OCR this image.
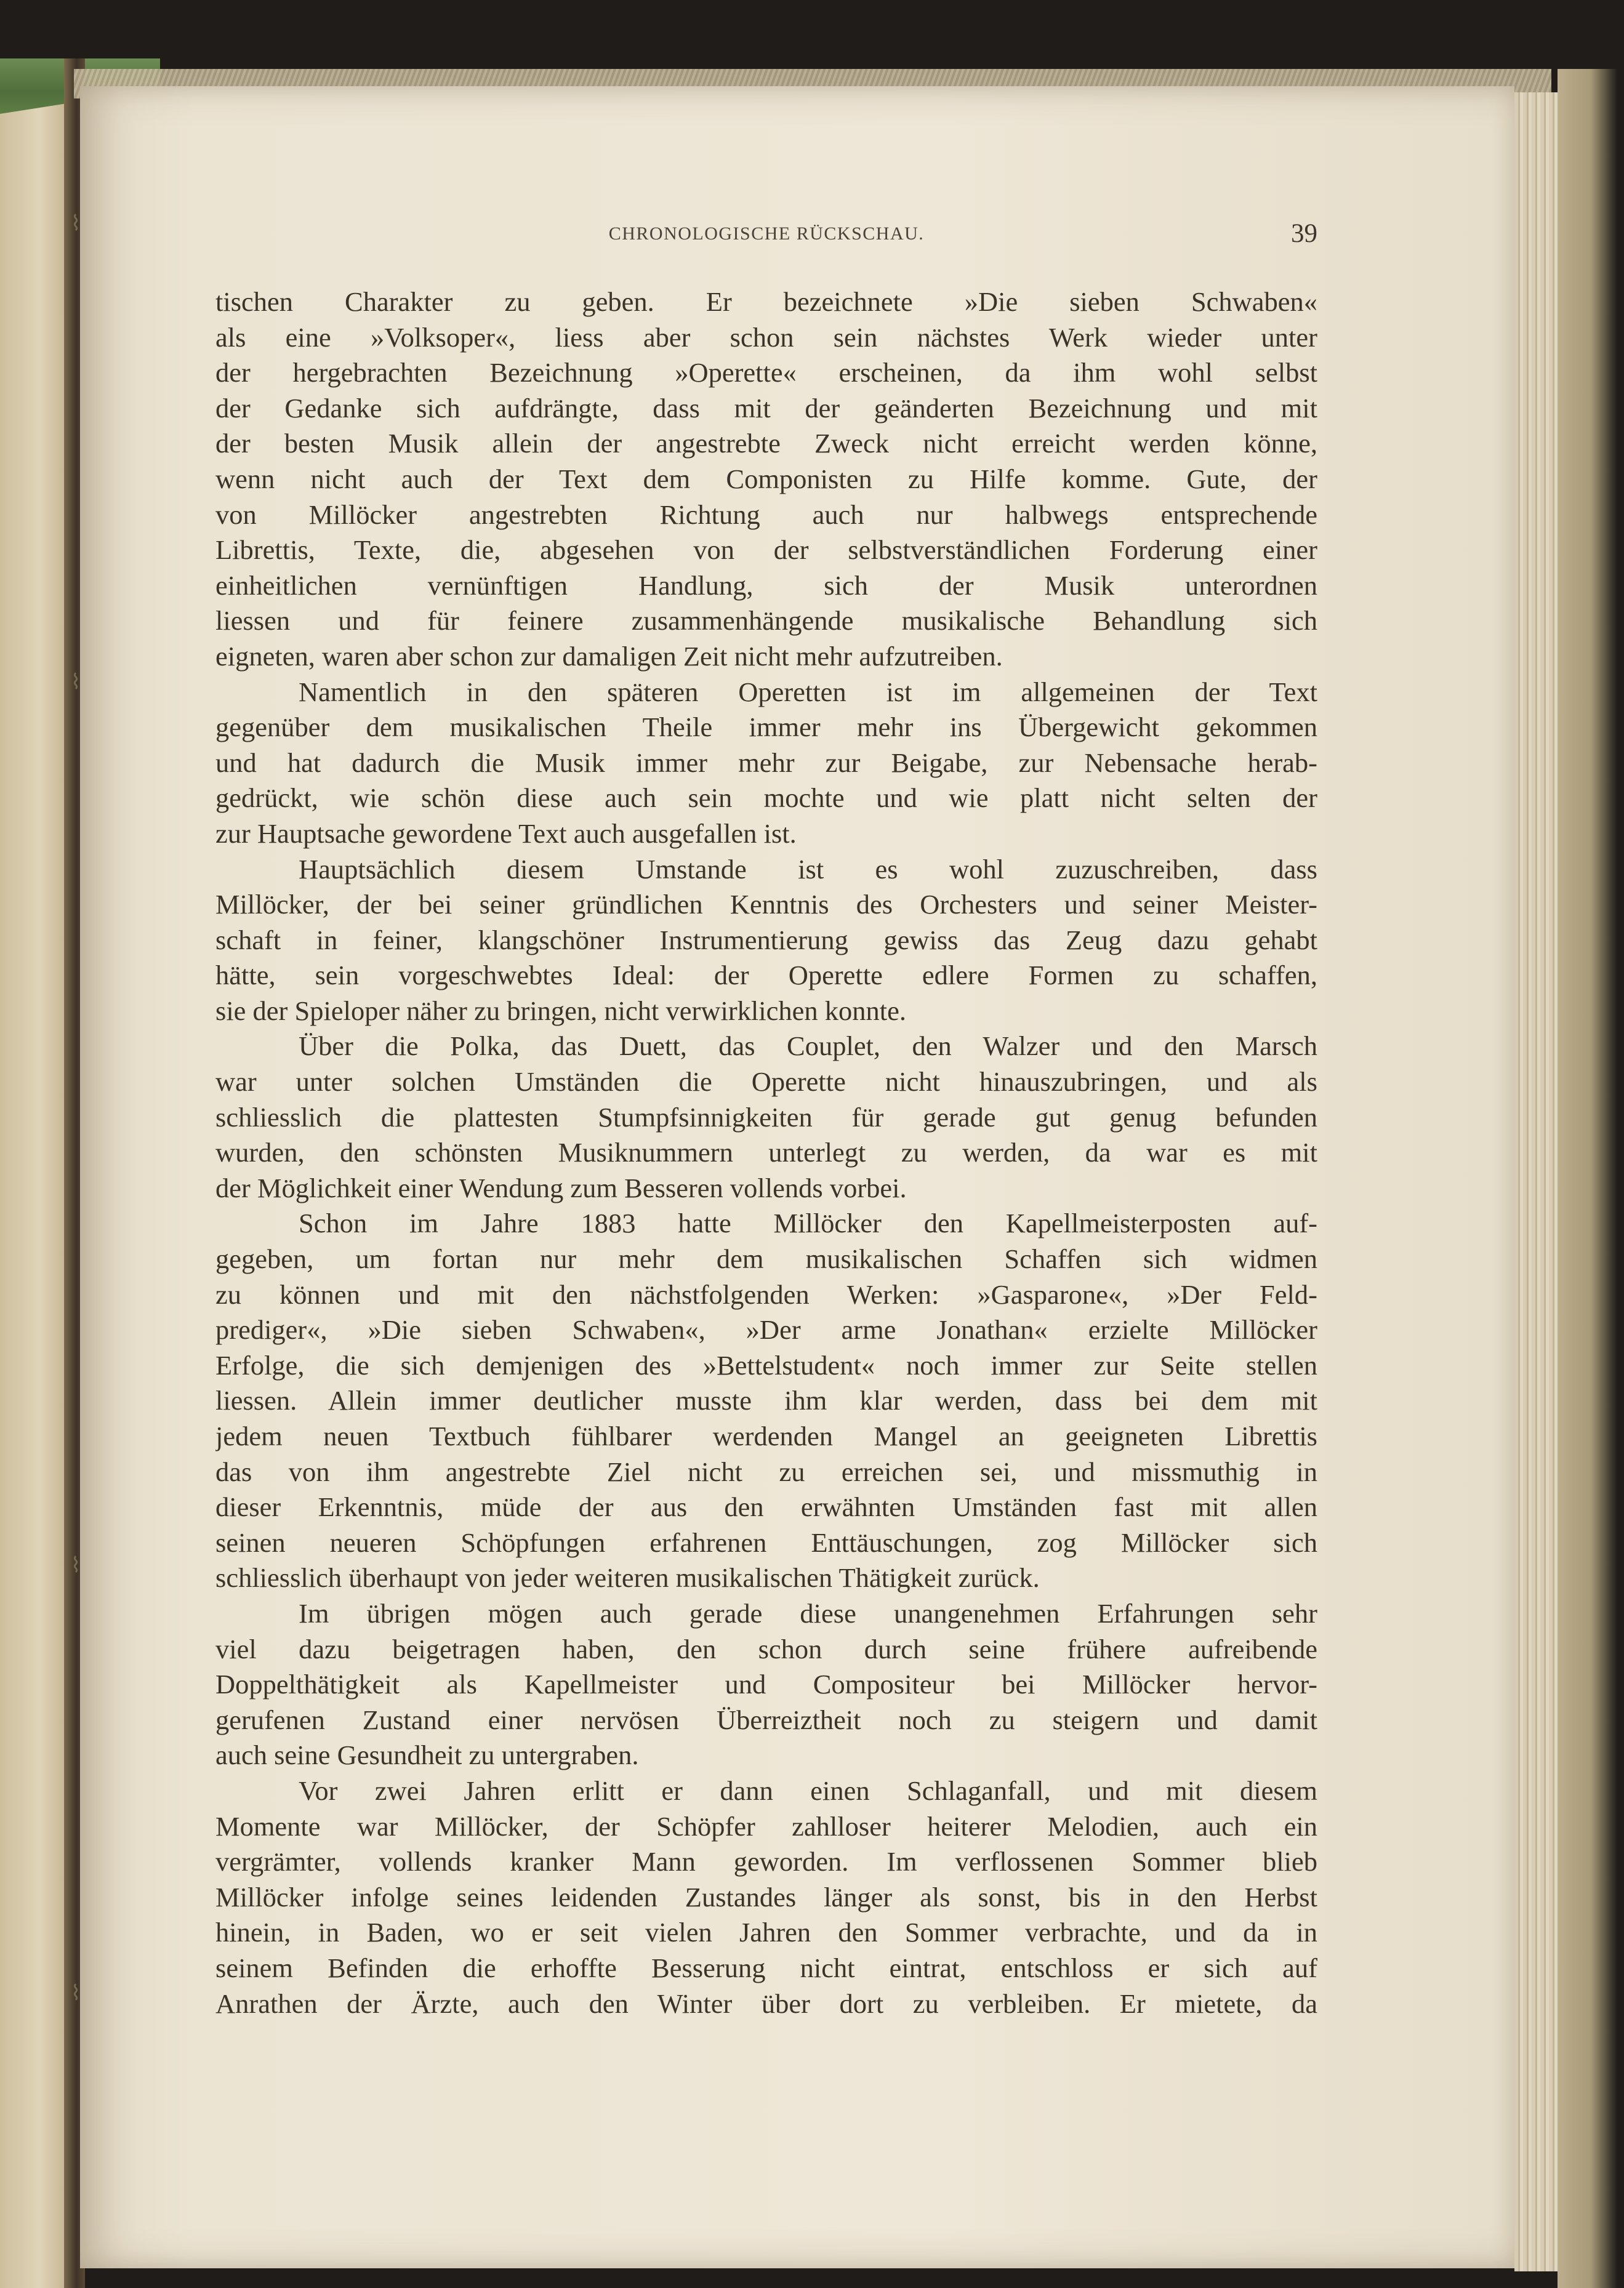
⌇
⌇
⌇
⌇
CHRONOLOGISCHE RÜCKSCHAU.	39
tischen Charakter zu geben. Er bezeichnete »Die sieben Schwaben«
als eine »Volksoper«, liess aber schon sein nächstes Werk wieder unter
der hergebrachten Bezeichnung »Operette« erscheinen, da ihm wohl selbst
der Gedanke sich aufdrängte, dass mit der geänderten Bezeichnung und mit
der besten Musik allein der angestrebte Zweck nicht erreicht werden könne,
wenn nicht auch der Text dem Componisten zu Hilfe komme. Gute, der
von Millöcker angestrebten Richtung auch nur halbwegs entsprechende
Librettis, Texte, die, abgesehen von der selbstverständlichen Forderung einer
einheitlichen vernünftigen Handlung, sich der Musik unterordnen
liessen und für feinere zusammenhängende musikalische Behandlung sich
eigneten, waren aber schon zur damaligen Zeit nicht mehr aufzutreiben.
Namentlich in den späteren Operetten ist im allgemeinen der Text
gegenüber dem musikalischen Theile immer mehr ins Übergewicht gekommen
und hat dadurch die Musik immer mehr zur Beigabe, zur Nebensache herab-
gedrückt, wie schön diese auch sein mochte und wie platt nicht selten der
zur Hauptsache gewordene Text auch ausgefallen ist.
Hauptsächlich diesem Umstande ist es wohl zuzuschreiben, dass
Millöcker, der bei seiner gründlichen Kenntnis des Orchesters und seiner Meister-
schaft in feiner, klangschöner Instrumentierung gewiss das Zeug dazu gehabt
hätte, sein vorgeschwebtes Ideal: der Operette edlere Formen zu schaffen,
sie der Spieloper näher zu bringen, nicht verwirklichen konnte.
Über die Polka, das Duett, das Couplet, den Walzer und den Marsch
war unter solchen Umständen die Operette nicht hinauszubringen, und als
schliesslich die plattesten Stumpfsinnigkeiten für gerade gut genug befunden
wurden, den schönsten Musiknummern unterlegt zu werden, da war es mit
der Möglichkeit einer Wendung zum Besseren vollends vorbei.
Schon im Jahre 1883 hatte Millöcker den Kapellmeisterposten auf-
gegeben, um fortan nur mehr dem musikalischen Schaffen sich widmen
zu können und mit den nächstfolgenden Werken: »Gasparone«, »Der Feld-
prediger«, »Die sieben Schwaben«, »Der arme Jonathan« erzielte Millöcker
Erfolge, die sich demjenigen des »Bettelstudent« noch immer zur Seite stellen
liessen. Allein immer deutlicher musste ihm klar werden, dass bei dem mit
jedem neuen Textbuch fühlbarer werdenden Mangel an geeigneten Librettis
das von ihm angestrebte Ziel nicht zu erreichen sei, und missmuthig in
dieser Erkenntnis, müde der aus den erwähnten Umständen fast mit allen
seinen neueren Schöpfungen erfahrenen Enttäuschungen, zog Millöcker sich
schliesslich überhaupt von jeder weiteren musikalischen Thätigkeit zurück.
Im übrigen mögen auch gerade diese unangenehmen Erfahrungen sehr
viel dazu beigetragen haben, den schon durch seine frühere aufreibende
Doppelthätigkeit als Kapellmeister und Compositeur bei Millöcker hervor-
gerufenen Zustand einer nervösen Überreiztheit noch zu steigern und damit
auch seine Gesundheit zu untergraben.
Vor zwei Jahren erlitt er dann einen Schlaganfall, und mit diesem
Momente war Millöcker, der Schöpfer zahlloser heiterer Melodien, auch ein
vergrämter, vollends kranker Mann geworden. Im verflossenen Sommer blieb
Millöcker infolge seines leidenden Zustandes länger als sonst, bis in den Herbst
hinein, in Baden, wo er seit vielen Jahren den Sommer verbrachte, und da in
seinem Befinden die erhoffte Besserung nicht eintrat, entschloss er sich auf
Anrathen der Ärzte, auch den Winter über dort zu verbleiben. Er mietete, da
